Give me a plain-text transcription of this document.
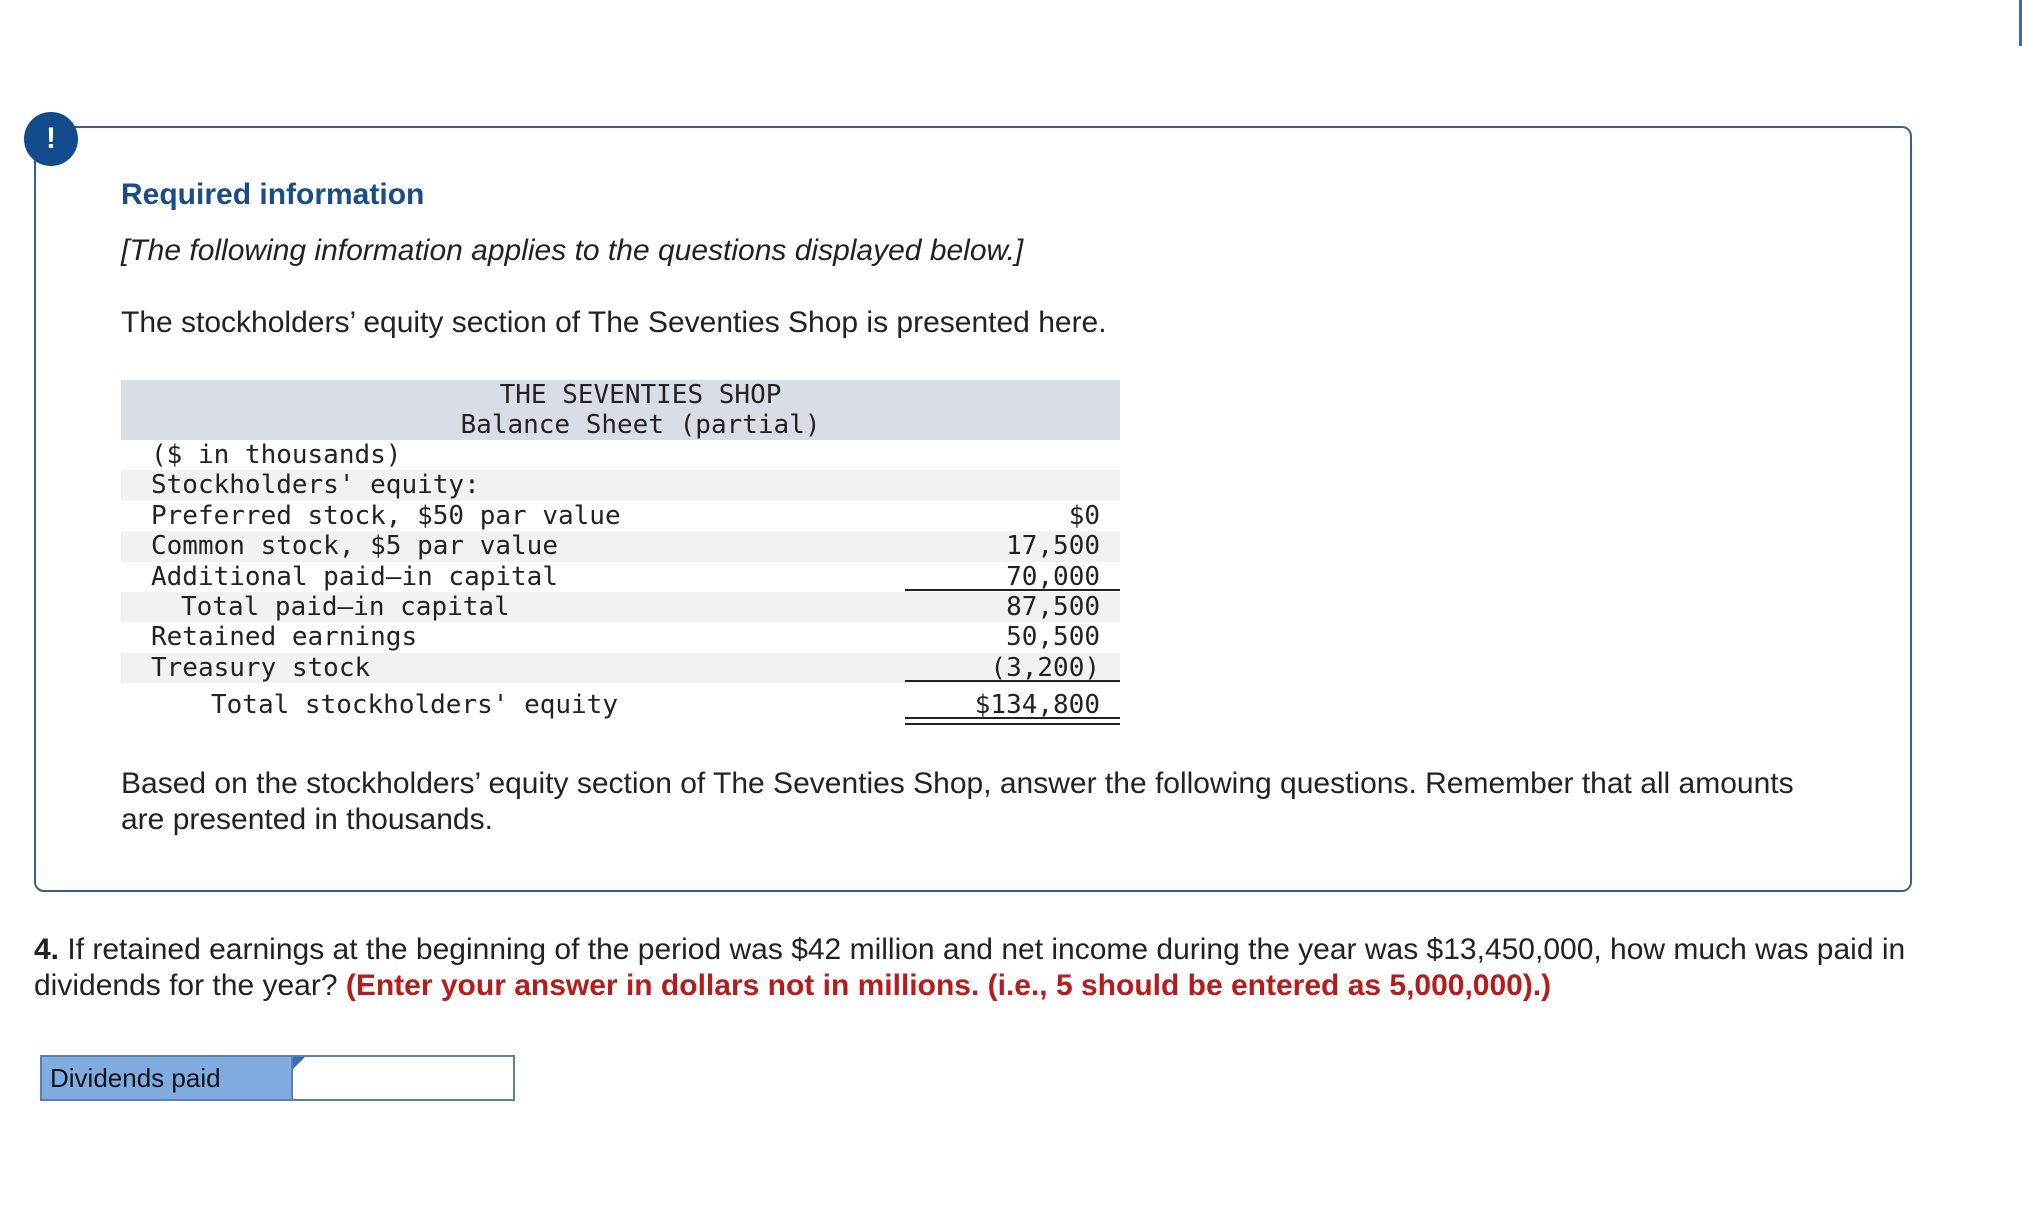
!
Required information
[The following information applies to the questions displayed below.]
The stockholders’ equity section of The Seventies Shop is presented here.
THE SEVENTIES SHOP
Balance Sheet (partial)
($ in thousands)
Stockholders' equity:
Preferred stock, $50 par value	$0
Common stock, $5 par value	17,500
Additional paid–in capital	70,000
Total paid–in capital	87,500
Retained earnings	50,500
Treasury stock	(3,200)
Total stockholders' equity	$134,800
Based on the stockholders’ equity section of The Seventies Shop, answer the following questions. Remember that all amounts are presented in thousands.
4. If retained earnings at the beginning of the period was $42 million and net income during the year was $13,450,000, how much was paid in dividends for the year? (Enter your answer in dollars not in millions. (i.e., 5 should be entered as 5,000,000).)
Dividends paid
